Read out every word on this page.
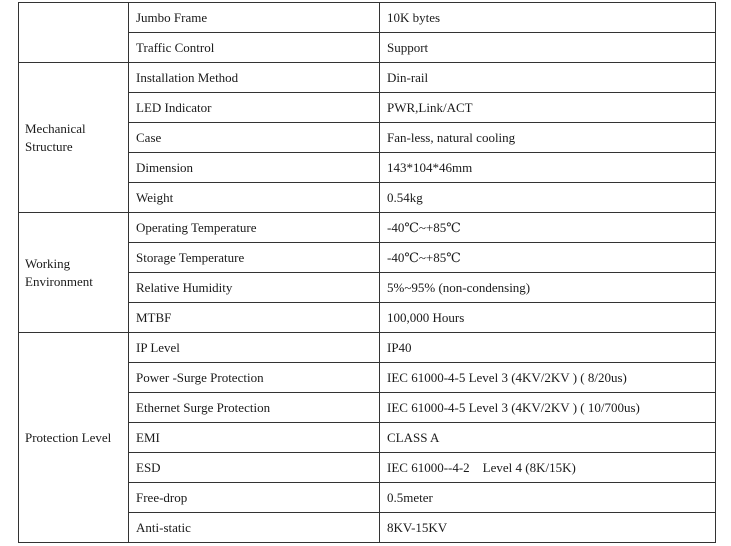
	Jumbo Frame	10K bytes
	Traffic Control	Support
Mechanical Structure	Installation Method	Din-rail
	LED Indicator	PWR,Link/ACT
	Case	Fan-less, natural cooling
	Dimension	143*104*46mm
	Weight	0.54kg
Working Environment	Operating Temperature	-40℃~+85℃
	Storage Temperature	-40℃~+85℃
	Relative Humidity	5%~95% (non-condensing)
	MTBF	100,000 Hours
Protection Level	IP Level	IP40
	Power -Surge Protection	IEC 61000-4-5 Level 3 (4KV/2KV ) ( 8/20us)
	Ethernet Surge Protection	IEC 61000-4-5 Level 3 (4KV/2KV ) ( 10/700us)
	EMI	CLASS A
	ESD	IEC 61000--4-2    Level 4 (8K/15K)
	Free-drop	0.5meter
	Anti-static	8KV-15KV
